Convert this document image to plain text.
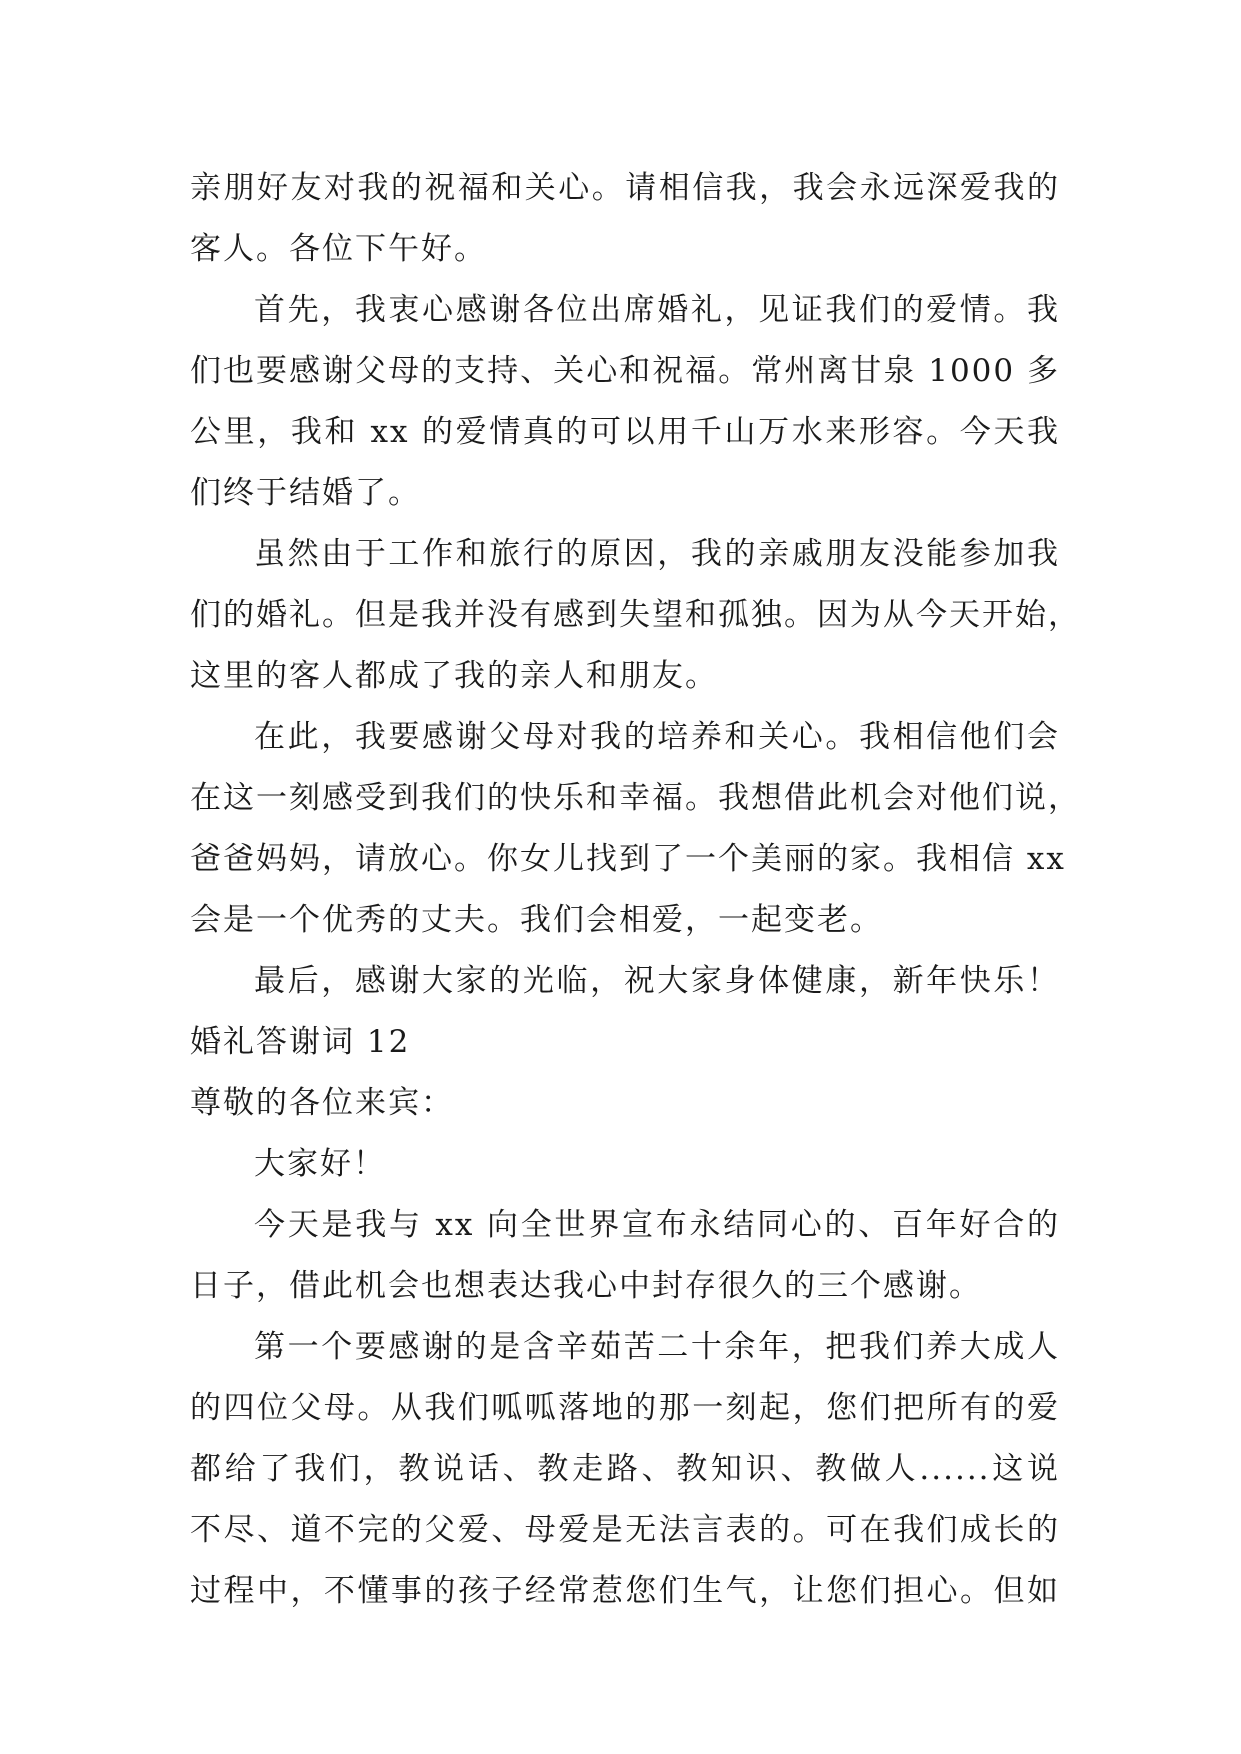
亲朋好友对我的祝福和关心。请相信我，我会永远深爱我的
客人。各位下午好。
首先，我衷心感谢各位出席婚礼，见证我们的爱情。我
们也要感谢父母的支持、关心和祝福。常州离甘泉 1000 多
公里，我和 xx 的爱情真的可以用千山万水来形容。今天我
们终于结婚了。
虽然由于工作和旅行的原因，我的亲戚朋友没能参加我
们的婚礼。但是我并没有感到失望和孤独。因为从今天开始，
这里的客人都成了我的亲人和朋友。
在此，我要感谢父母对我的培养和关心。我相信他们会
在这一刻感受到我们的快乐和幸福。我想借此机会对他们说，
爸爸妈妈，请放心。你女儿找到了一个美丽的家。我相信 xx
会是一个优秀的丈夫。我们会相爱，一起变老。
最后，感谢大家的光临，祝大家身体健康，新年快乐！
婚礼答谢词 12
尊敬的各位来宾：
大家好！
今天是我与 xx 向全世界宣布永结同心的、百年好合的
日子，借此机会也想表达我心中封存很久的三个感谢。
第一个要感谢的是含辛茹苦二十余年，把我们养大成人
的四位父母。从我们呱呱落地的那一刻起，您们把所有的爱
都给了我们，教说话、教走路、教知识、教做人......这说
不尽、道不完的父爱、母爱是无法言表的。可在我们成长的
过程中，不懂事的孩子经常惹您们生气，让您们担心。但如
